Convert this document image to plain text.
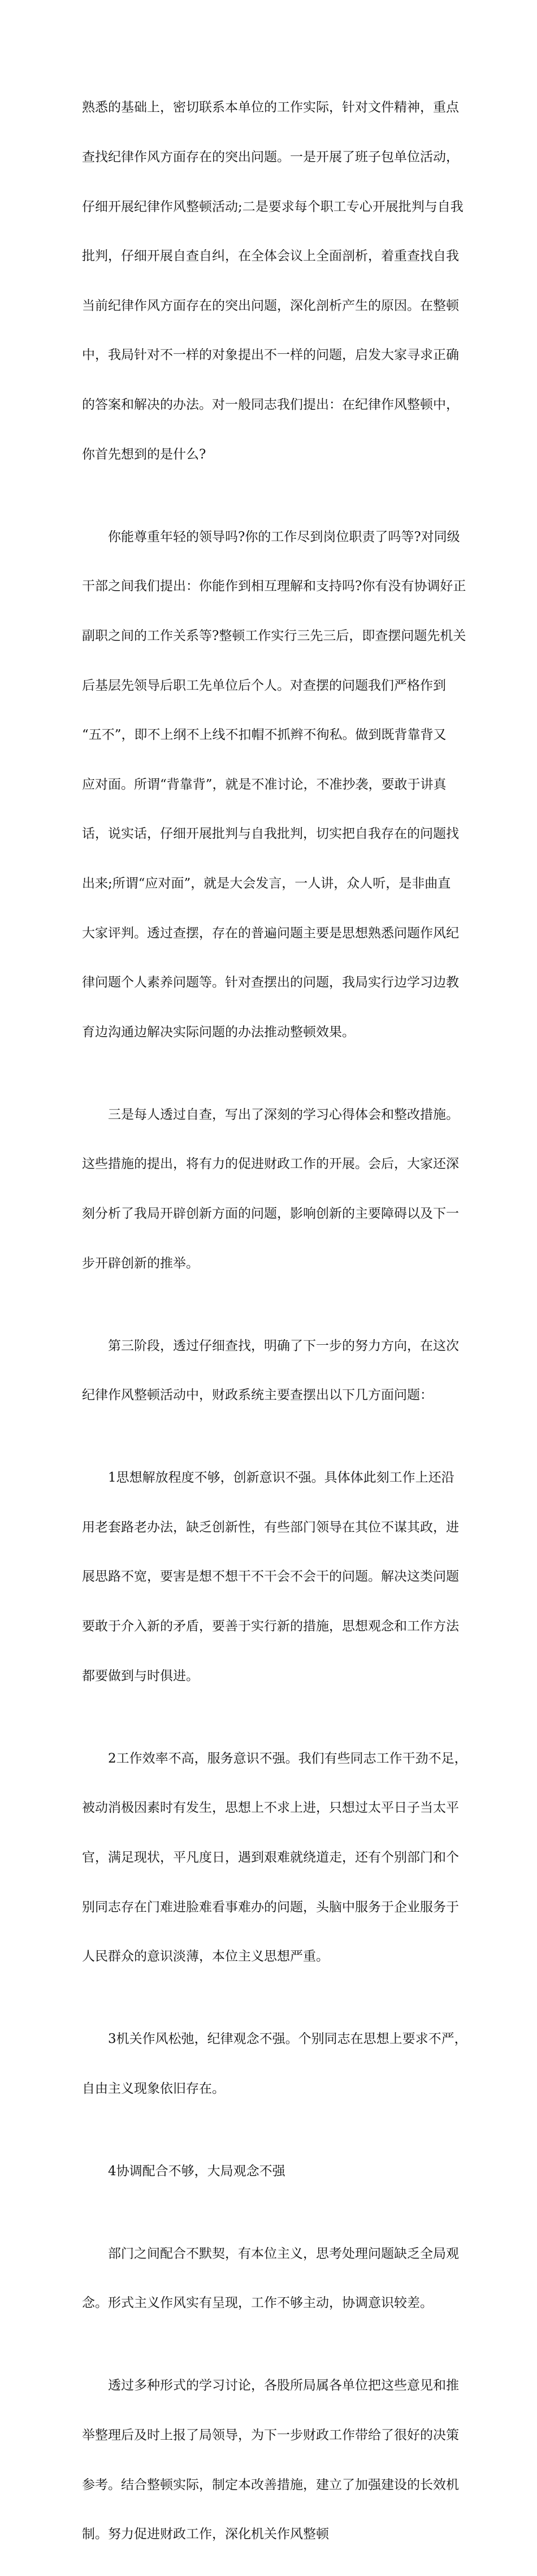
熟悉的基础上，密切联系本单位的工作实际，针对文件精神，重点

查找纪律作风方面存在的突出问题。一是开展了班子包单位活动，

仔细开展纪律作风整顿活动;二是要求每个职工专心开展批判与自我

批判，仔细开展自查自纠，在全体会议上全面剖析，着重查找自我

当前纪律作风方面存在的突出问题，深化剖析产生的原因。在整顿

中，我局针对不一样的对象提出不一样的问题，启发大家寻求正确

的答案和解决的办法。对一般同志我们提出：在纪律作风整顿中，

你首先想到的是什么?

　　你能尊重年轻的领导吗?你的工作尽到岗位职责了吗等?对同级

干部之间我们提出：你能作到相互理解和支持吗?你有没有协调好正

副职之间的工作关系等?整顿工作实行三先三后，即查摆问题先机关

后基层先领导后职工先单位后个人。对查摆的问题我们严格作到

“五不”，即不上纲不上线不扣帽不抓辫不徇私。做到既背靠背又

应对面。所谓“背靠背”，就是不准讨论，不准抄袭，要敢于讲真

话，说实话，仔细开展批判与自我批判，切实把自我存在的问题找

出来;所谓“应对面”，就是大会发言，一人讲，众人听，是非曲直

大家评判。透过查摆，存在的普遍问题主要是思想熟悉问题作风纪

律问题个人素养问题等。针对查摆出的问题，我局实行边学习边教

育边沟通边解决实际问题的办法推动整顿效果。

　　三是每人透过自查，写出了深刻的学习心得体会和整改措施。

这些措施的提出，将有力的促进财政工作的开展。会后，大家还深

刻分析了我局开辟创新方面的问题，影响创新的主要障碍以及下一

步开辟创新的推举。

　　第三阶段，透过仔细查找，明确了下一步的努力方向，在这次

纪律作风整顿活动中，财政系统主要查摆出以下几方面问题：

　　1思想解放程度不够，创新意识不强。具体体此刻工作上还沿

用老套路老办法，缺乏创新性，有些部门领导在其位不谋其政，进

展思路不宽，要害是想不想干不干会不会干的问题。解决这类问题

要敢于介入新的矛盾，要善于实行新的措施，思想观念和工作方法

都要做到与时俱进。

　　2工作效率不高，服务意识不强。我们有些同志工作干劲不足，

被动消极因素时有发生，思想上不求上进，只想过太平日子当太平

官，满足现状，平凡度日，遇到艰难就绕道走，还有个别部门和个

别同志存在门难进脸难看事难办的问题，头脑中服务于企业服务于

人民群众的意识淡薄，本位主义思想严重。

　　3机关作风松弛，纪律观念不强。个别同志在思想上要求不严，

自由主义现象依旧存在。

　　4协调配合不够，大局观念不强

　　部门之间配合不默契，有本位主义，思考处理问题缺乏全局观

念。形式主义作风实有呈现，工作不够主动，协调意识较差。

　　透过多种形式的学习讨论，各股所局属各单位把这些意见和推

举整理后及时上报了局领导，为下一步财政工作带给了很好的决策

参考。结合整顿实际，制定本改善措施，建立了加强建设的长效机

制。努力促进财政工作，深化机关作风整顿
